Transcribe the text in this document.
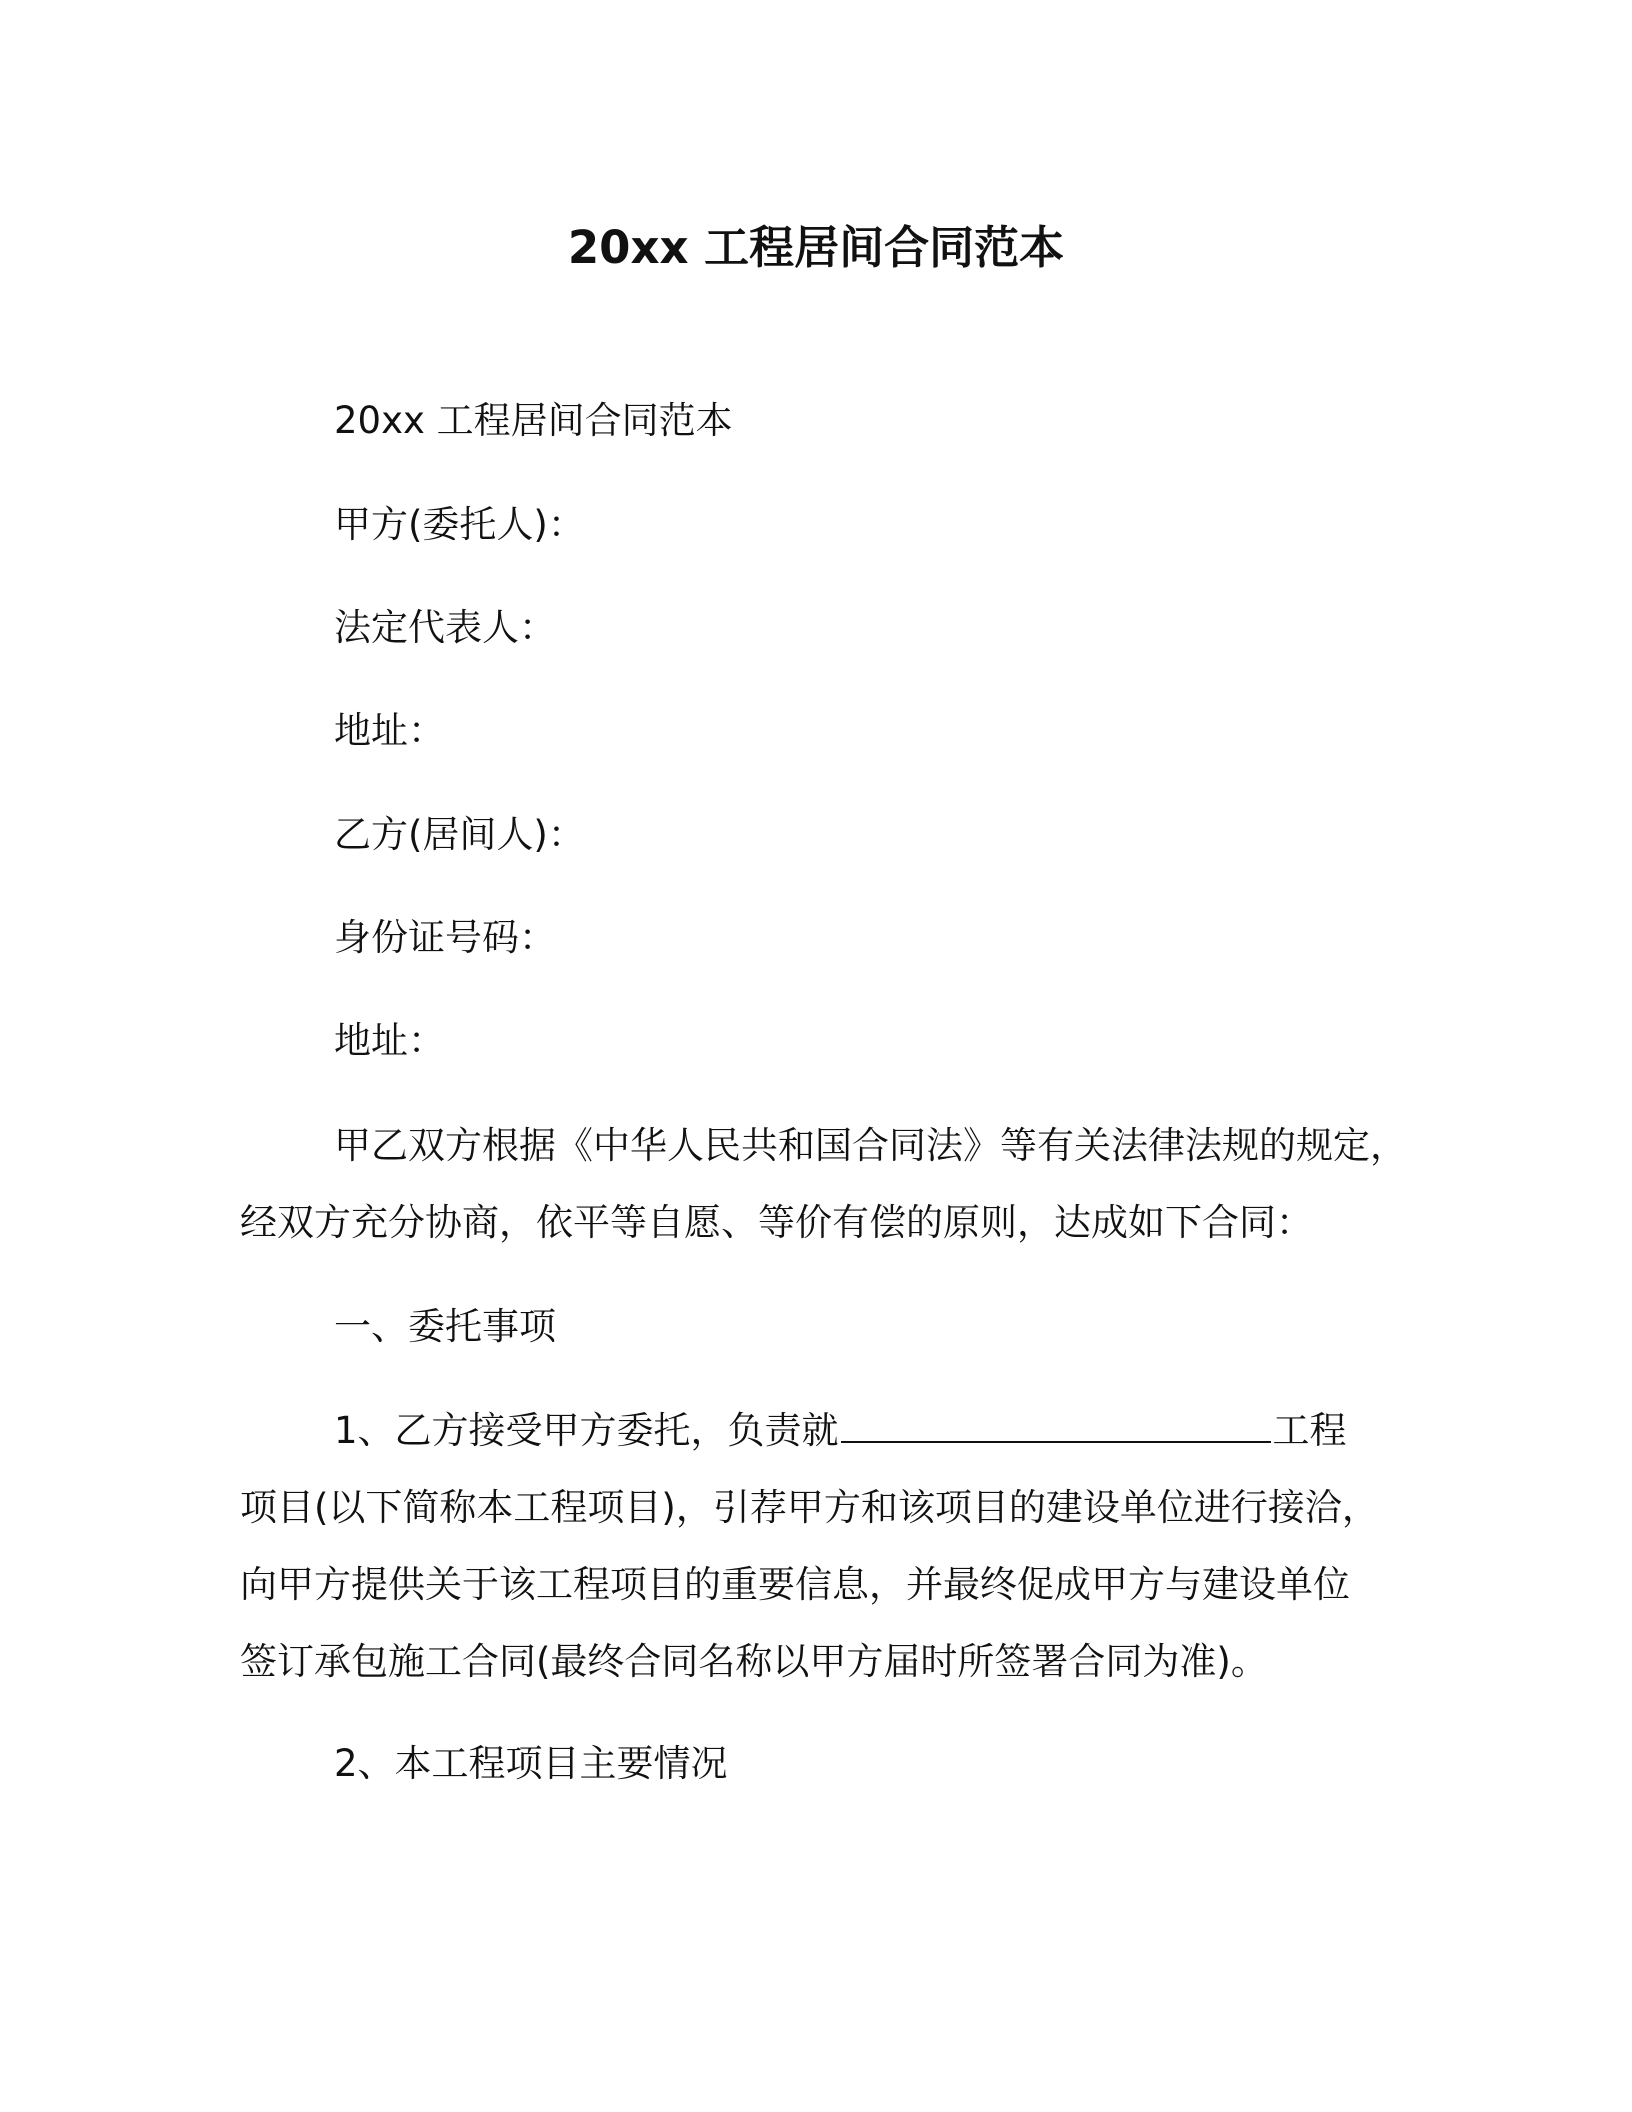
20xx 工程居间合同范本
20xx 工程居间合同范本
甲方(委托人)：
法定代表人：
地址：
乙方(居间人)：
身份证号码：
地址：
甲乙双方根据《中华人民共和国合同法》等有关法律法规的规定，
经双方充分协商，依平等自愿、等价有偿的原则，达成如下合同：
一、委托事项
1、乙方接受甲方委托，负责就	工程
项目(以下简称本工程项目)，引荐甲方和该项目的建设单位进行接洽，
向甲方提供关于该工程项目的重要信息，并最终促成甲方与建设单位
签订承包施工合同(最终合同名称以甲方届时所签署合同为准)。
2、本工程项目主要情况
